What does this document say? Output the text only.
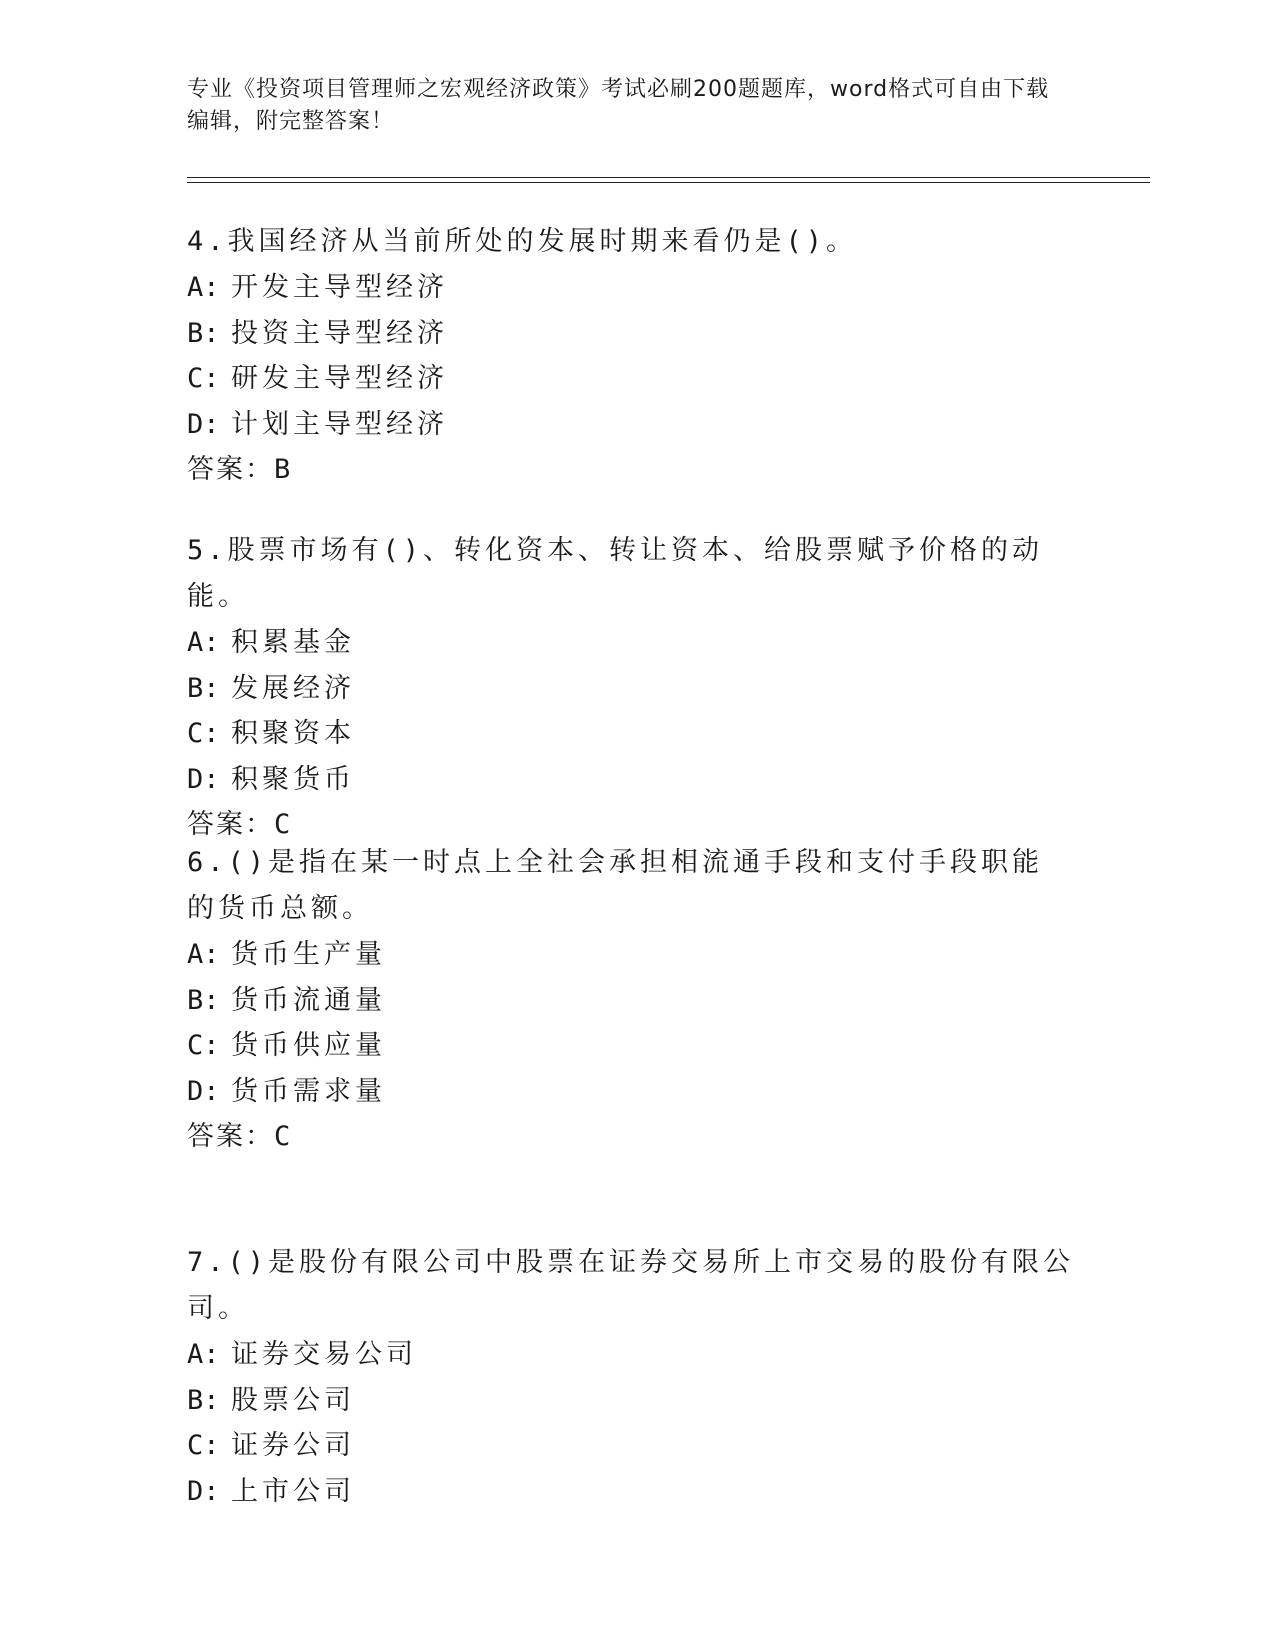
专业《投资项目管理师之宏观经济政策》考试必刷200题题库，word格式可自由下载编辑，附完整答案！

4.我国经济从当前所处的发展时期来看仍是()。

A: 开发主导型经济

B: 投资主导型经济

C: 研发主导型经济

D: 计划主导型经济

答案：B

5.股票市场有()、转化资本、转让资本、给股票赋予价格的动能。

A: 积累基金

B: 发展经济

C: 积聚资本

D: 积聚货币

答案：C

6.()是指在某一时点上全社会承担相流通手段和支付手段职能的货币总额。

A: 货币生产量

B: 货币流通量

C: 货币供应量

D: 货币需求量

答案：C

7.()是股份有限公司中股票在证券交易所上市交易的股份有限公司。

A: 证券交易公司

B: 股票公司

C: 证券公司

D: 上市公司
